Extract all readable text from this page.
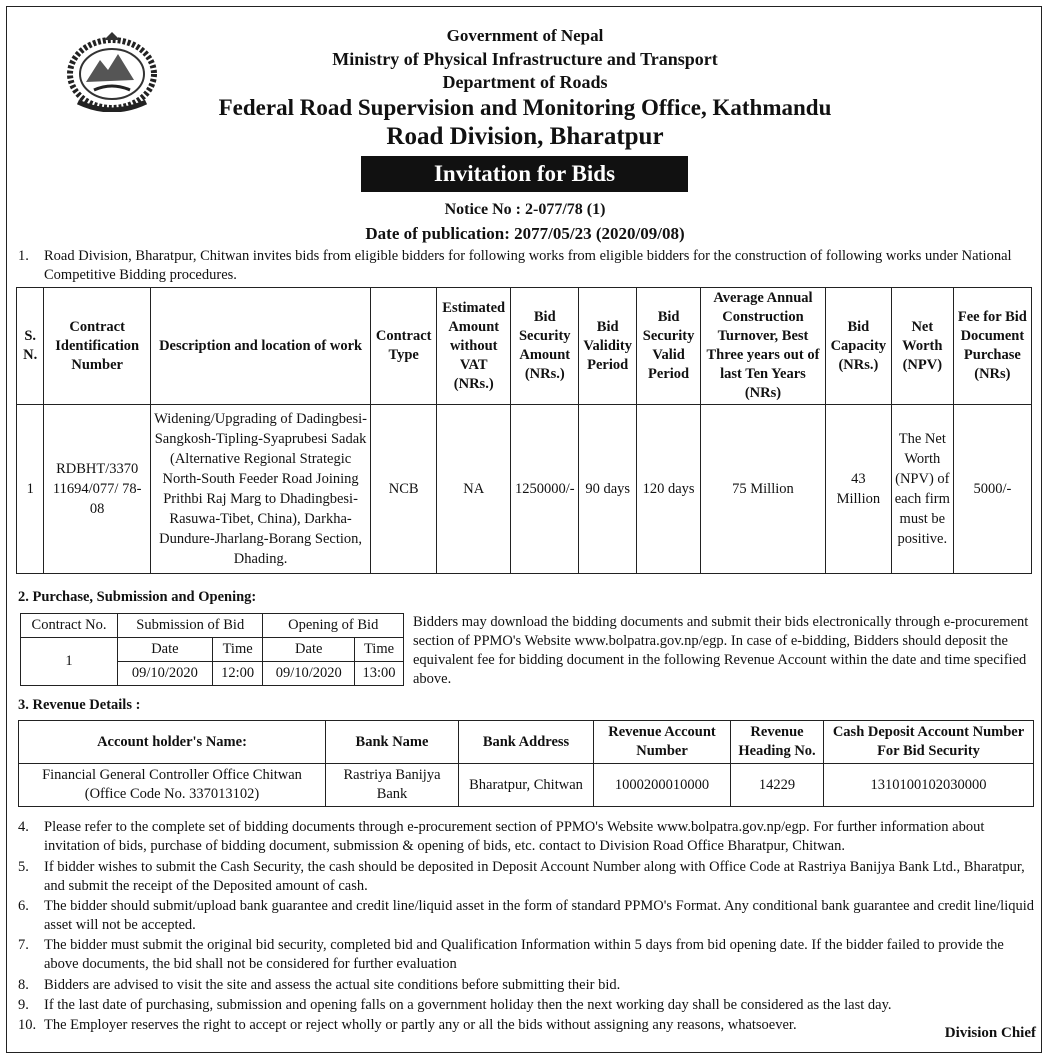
Government of Nepal
Ministry of Physical Infrastructure and Transport
Department of Roads
Federal Road Supervision and Monitoring Office, Kathmandu
Road Division, Bharatpur
Invitation for Bids
Notice No : 2-077/78 (1)
Date of publication: 2077/05/23 (2020/09/08)
1. Road Division, Bharatpur, Chitwan invites bids from eligible bidders for following works from eligible bidders for the construction of following works under National Competitive Bidding procedures.
S. N.	Contract Identification Number	Description and location of work	Contract Type	Estimated Amount without VAT (NRs.)	Bid Security Amount (NRs.)	Bid Validity Period	Bid Security Valid Period	Average Annual Construction Turnover, Best Three years out of last Ten Years (NRs)	Bid Capacity (NRs.)	Net Worth (NPV)	Fee for Bid Document Purchase (NRs)
1	RDBHT/3370 11694/077/ 78-08	Widening/Upgrading of Dadingbesi-Sangkosh-Tipling-Syaprubesi Sadak (Alternative Regional Strategic North-South Feeder Road Joining Prithbi Raj Marg to Dhadingbesi-Rasuwa-Tibet, China), Darkha-Dundure-Jharlang-Borang Section, Dhading.	NCB	NA	1250000/-	90 days	120 days	75 Million	43 Million	The Net Worth (NPV) of each firm must be positive.	5000/-
2. Purchase, Submission and Opening:
Contract No.	Submission of Bid		Opening of Bid	
1	Date	Time	Date	Time
	09/10/2020	12:00	09/10/2020	13:00
Bidders may download the bidding documents and submit their bids electronically through e-procurement section of PPMO's Website www.bolpatra.gov.np/egp. In case of e-bidding, Bidders should deposit the equivalent fee for bidding document in the following Revenue Account within the date and time specified above.
3. Revenue Details :
Account holder's Name:	Bank Name	Bank Address	Revenue Account Number	Revenue Heading No.	Cash Deposit Account Number For Bid Security
Financial General Controller Office Chitwan (Office Code No. 337013102)	Rastriya Banijya Bank	Bharatpur, Chitwan	1000200010000	14229	1310100102030000
4. Please refer to the complete set of bidding documents through e-procurement section of PPMO's Website www.bolpatra.gov.np/egp. For further information about invitation of bids, purchase of bidding document, submission & opening of bids, etc. contact to Division Road Office Bharatpur, Chitwan.
5. If bidder wishes to submit the Cash Security, the cash should be deposited in Deposit Account Number along with Office Code at Rastriya Banijya Bank Ltd., Bharatpur, and submit the receipt of the Deposited amount of cash.
6. The bidder should submit/upload bank guarantee and credit line/liquid asset in the form of standard PPMO's Format. Any conditional bank guarantee and credit line/liquid asset will not be accepted.
7. The bidder must submit the original bid security, completed bid and Qualification Information within 5 days from bid opening date. If the bidder failed to provide the above documents, the bid shall not be considered for further evaluation
8. Bidders are advised to visit the site and assess the actual site conditions before submitting their bid.
9. If the last date of purchasing, submission and opening falls on a government holiday then the next working day shall be considered as the last day.
10. The Employer reserves the right to accept or reject wholly or partly any or all the bids without assigning any reasons, whatsoever.	Division Chief
